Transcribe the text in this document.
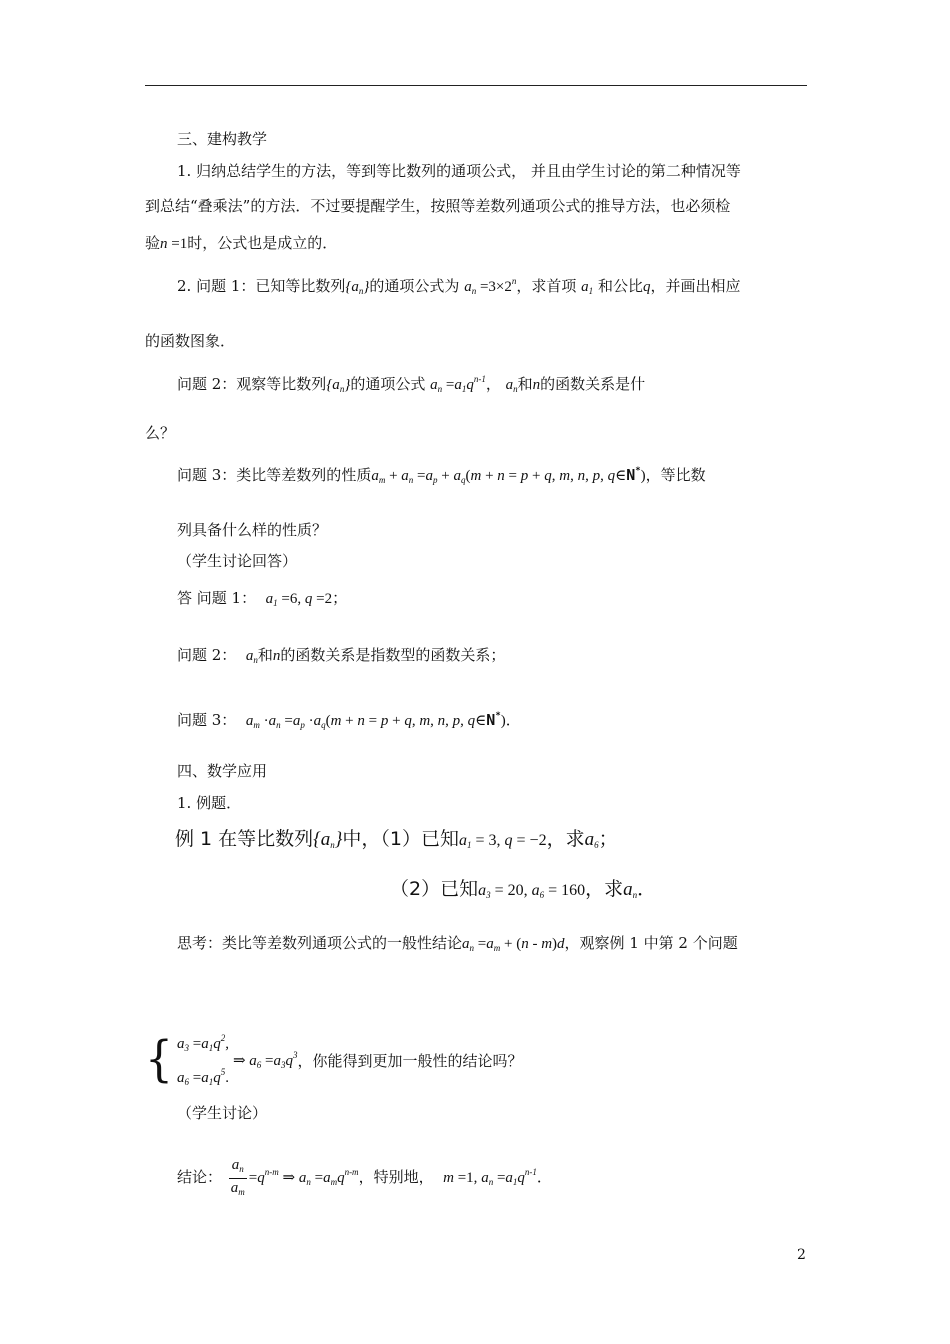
三、建构教学
1. 归纳总结学生的方法，等到等比数列的通项公式， 并且由学生讨论的第二种情况等
到总结“叠乘法”的方法．不过要提醒学生，按照等差数列通项公式的推导方法，也必须检
验n =1时，公式也是成立的．
2. 问题 1：已知等比数列$\{a_n\}$的通项公式为 $a_n =3\times 2^n$，求首项 $a_1$ 和公比q，并画出相应
的函数图象．
问题 2：观察等比数列$\{a_n\}$的通项公式 $a_n =a_1q^{n-1}$， $a_n$和n的函数关系是什
么？
问题 3：类比等差数列的性质$a_m + a_n =a_p + a_q(m + n = p + q$, m, n, p, q∈N*)，等比数
列具备什么样的性质？
（学生讨论回答）
答 问题 1： $a_1 =6$, q =2；
问题 2： $a_n$和n的函数关系是指数型的函数关系；
问题 3： $a_m \cdot a_n =a_p \cdot a_q(m + n = p + q$, m, n, p, q∈N*)．
四、数学应用
1. 例题．
例 1 在等比数列$\{a_n\}$中，（1）已知$a_1 = 3$, q = −2，求$a_6$；
（2）已知$a_3 = 20$, $a_6 = 160$，求$a_n$．
思考：类比等差数列通项公式的一般性结论$a_n =a_m + (n - m)d$，观察例 1 中第 2 个问题
{ $a_3 =a_1q^2$,
$a_6 =a_1q^5$.
⇒ $a_6 =a_3q^3$ ，你能得到更加一般性的结论吗？
（学生讨论）
结论： $\frac{a_n}{a_m} =q^{n-m}$ ⇒ $a_n =a_mq^{n-m}$，特别地， m =1, $a_n =a_1q^{n-1}$．
2
